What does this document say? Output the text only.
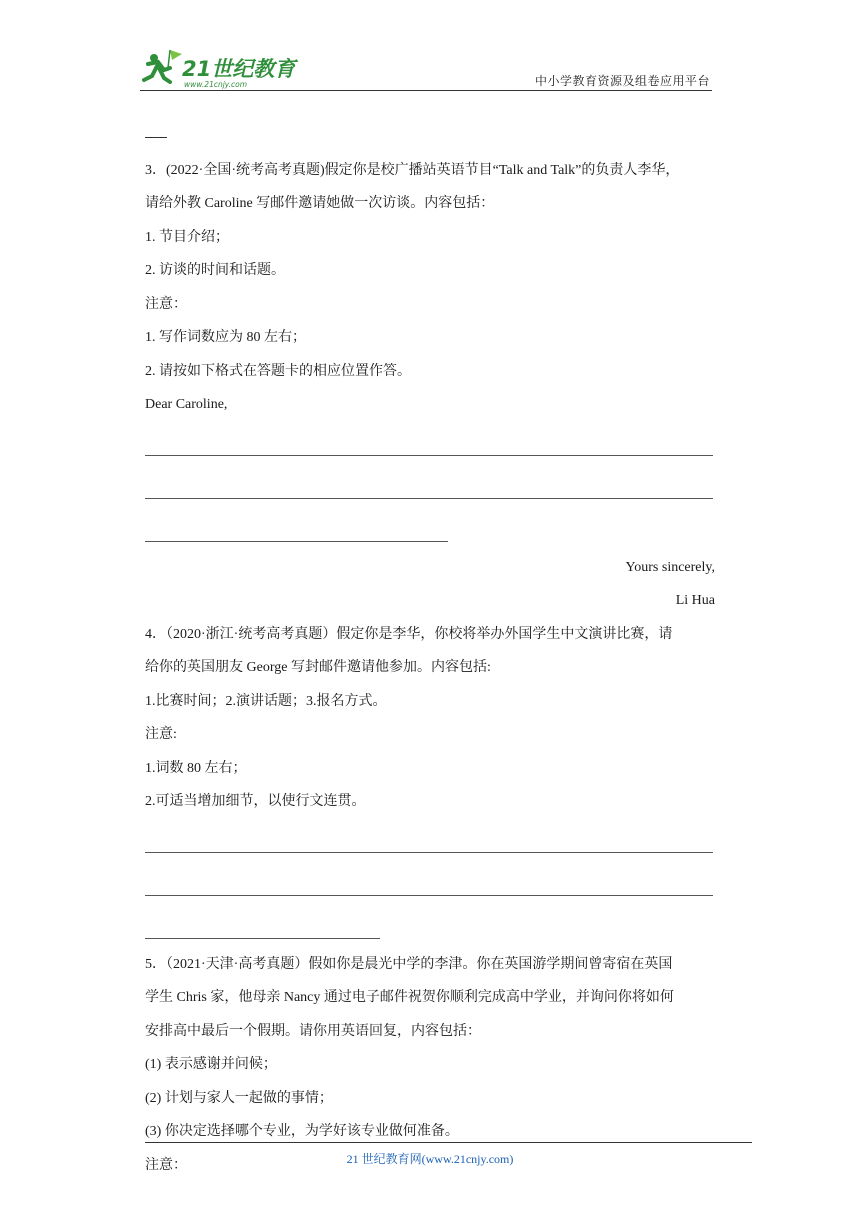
21世纪教育
www.21cnjy.com	中小学教育资源及组卷应用平台
3．(2022·全国·统考高考真题)假定你是校广播站英语节目“Talk and Talk”的负责人李华，
请给外教 Caroline 写邮件邀请她做一次访谈。内容包括：
1. 节目介绍；
2. 访谈的时间和话题。
注意：
1. 写作词数应为 80 左右；
2. 请按如下格式在答题卡的相应位置作答。
Dear Caroline,
Yours sincerely,
Li Hua
4．（2020·浙江·统考高考真题）假定你是李华，你校将举办外国学生中文演讲比赛，请
给你的英国朋友 George 写封邮件邀请他参加。内容包括:
1.比赛时间；2.演讲话题；3.报名方式。
注意:
1.词数 80 左右；
2.可适当增加细节，以使行文连贯。
5．（2021·天津·高考真题）假如你是晨光中学的李津。你在英国游学期间曾寄宿在英国
学生 Chris 家，他母亲 Nancy 通过电子邮件祝贺你顺利完成高中学业，并询问你将如何
安排高中最后一个假期。请你用英语回复，内容包括：
(1) 表示感谢并问候；
(2) 计划与家人一起做的事情；
(3) 你决定选择哪个专业，为学好该专业做何准备。
注意：	21 世纪教育网(www.21cnjy.com)
